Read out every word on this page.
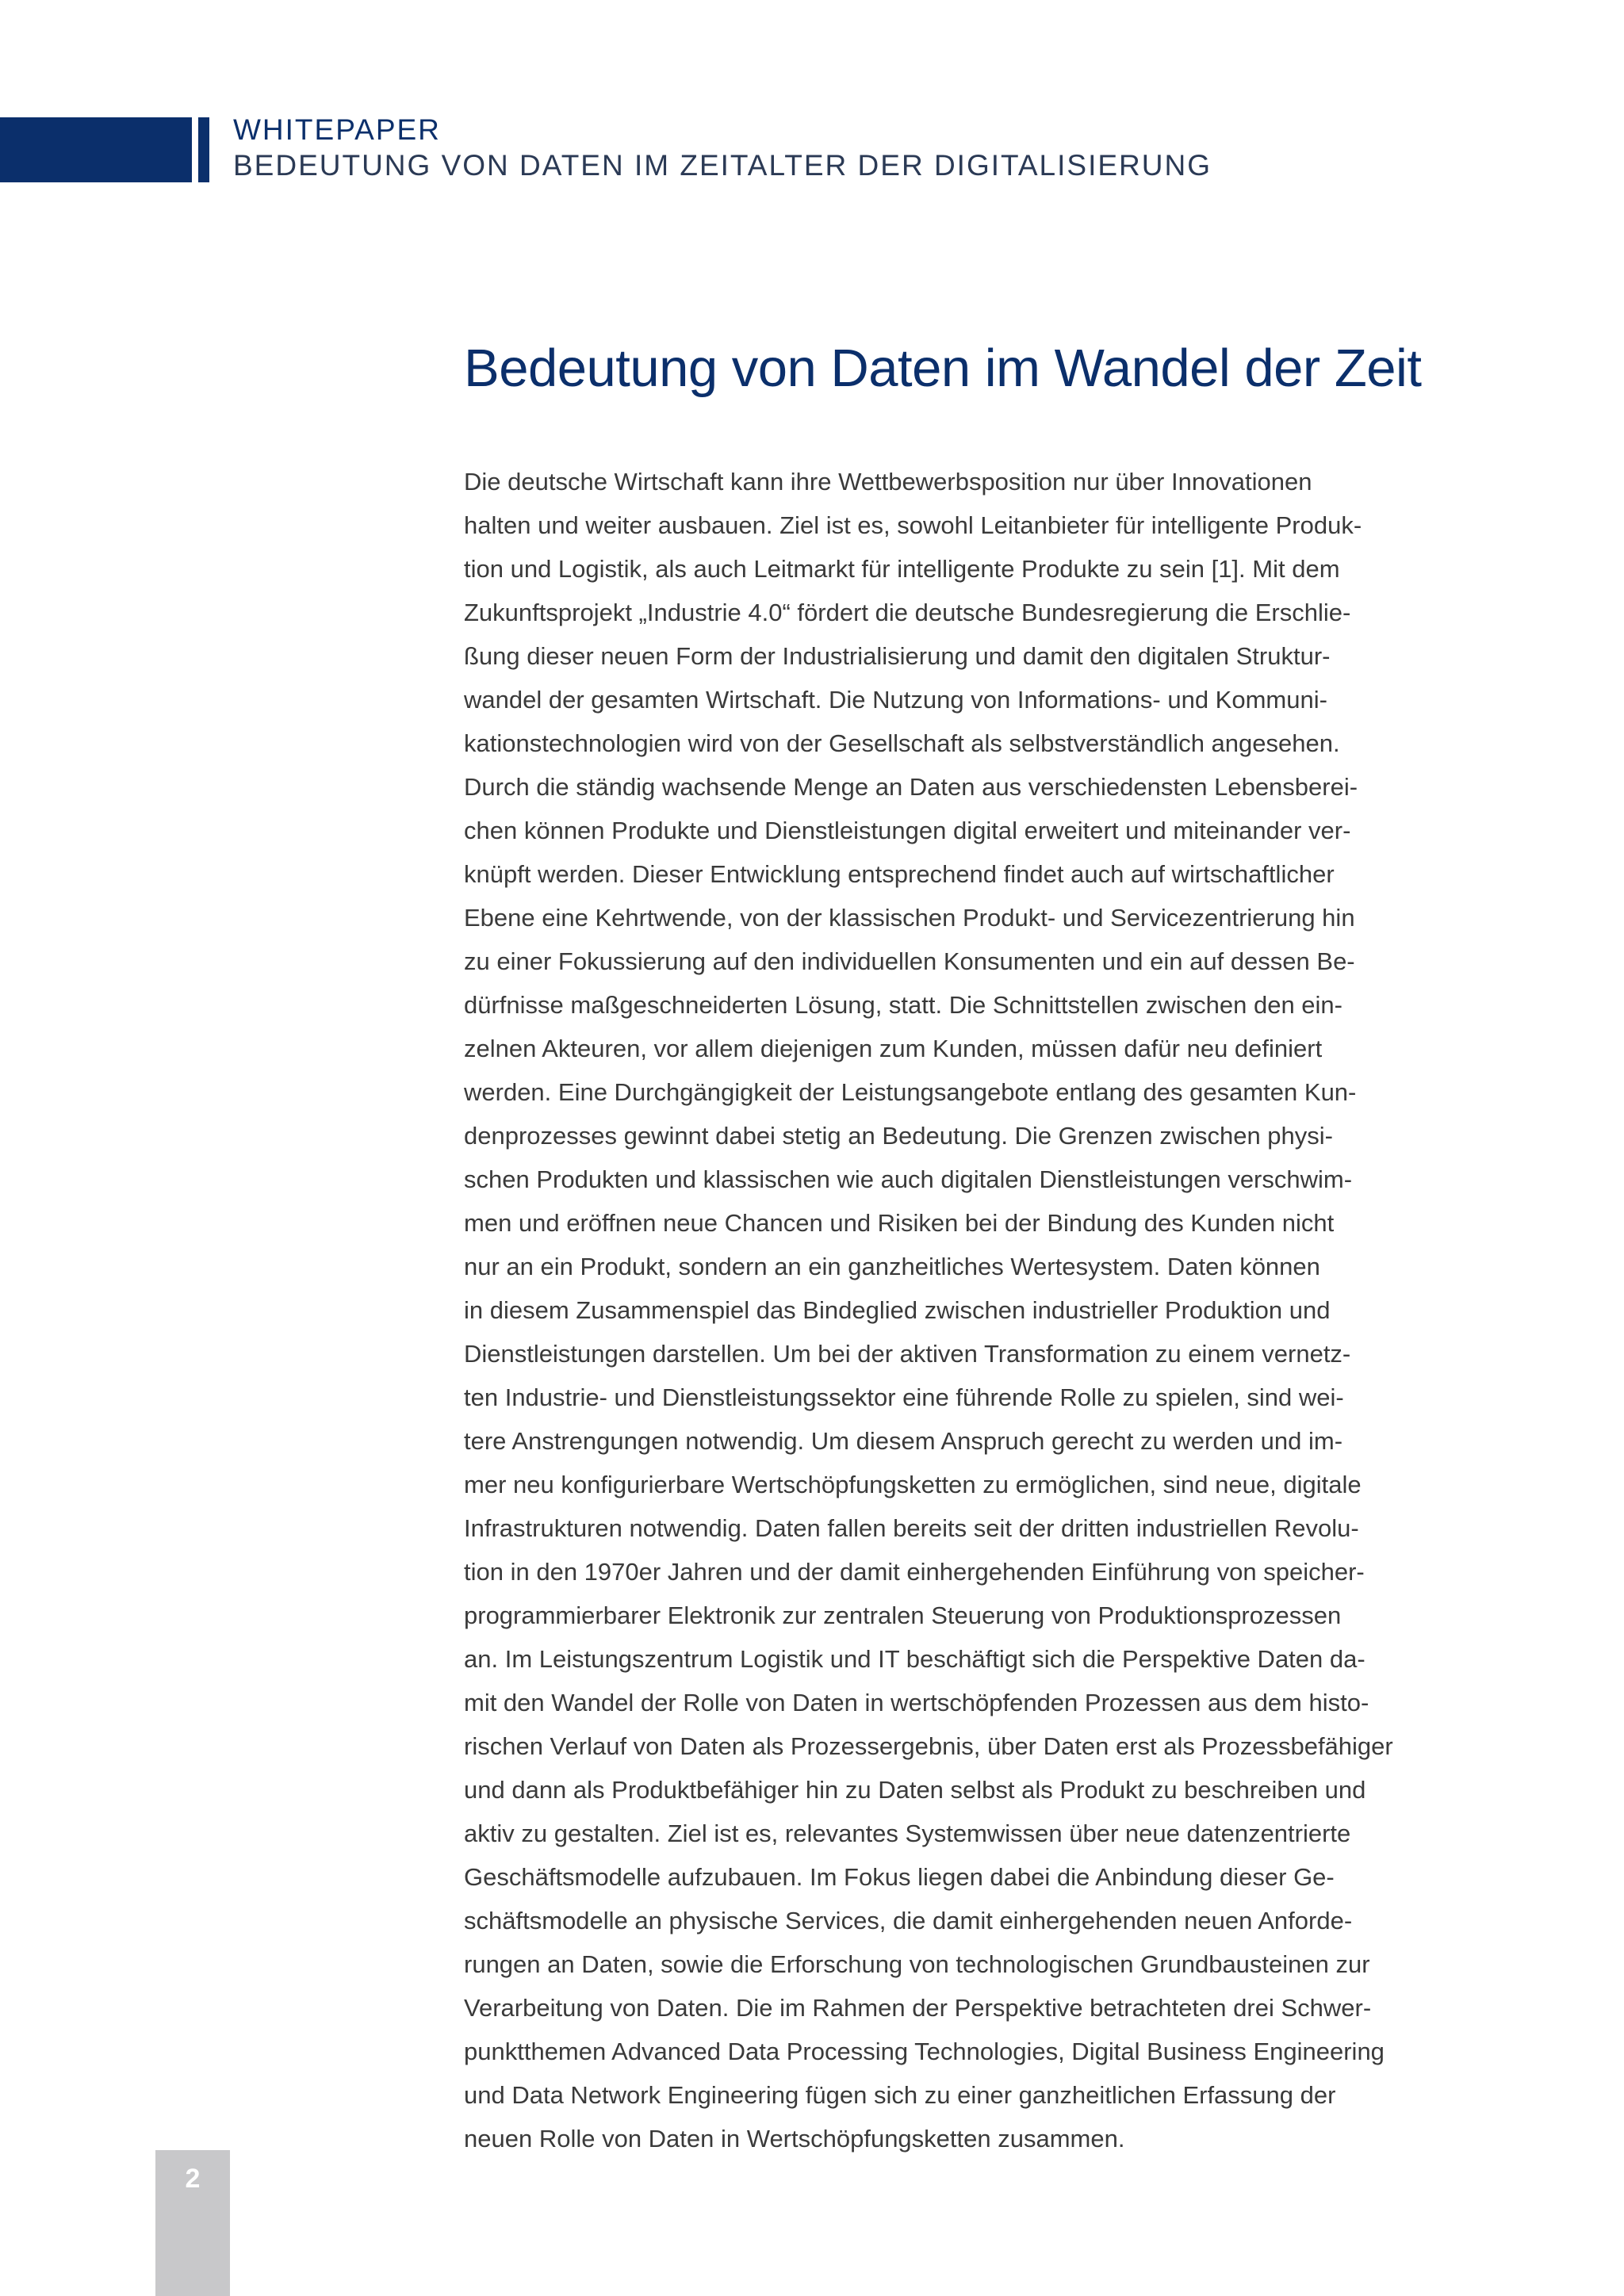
WHITEPAPER
BEDEUTUNG VON DATEN IM ZEITALTER DER DIGITALISIERUNG
Bedeutung von Daten im Wandel der Zeit
Die deutsche Wirtschaft kann ihre Wettbewerbsposition nur über Innovationen
halten und weiter ausbauen. Ziel ist es, sowohl Leitanbieter für intelligente Produk-
tion und Logistik, als auch Leitmarkt für intelligente Produkte zu sein [1]. Mit dem
Zukunftsprojekt „Industrie 4.0“ fördert die deutsche Bundesregierung die Erschlie-
ßung dieser neuen Form der Industrialisierung und damit den digitalen Struktur-
wandel der gesamten Wirtschaft. Die Nutzung von Informations- und Kommuni-
kationstechnologien wird von der Gesellschaft als selbstverständlich angesehen.
Durch die ständig wachsende Menge an Daten aus verschiedensten Lebensberei-
chen können Produkte und Dienstleistungen digital erweitert und miteinander ver-
knüpft werden. Dieser Entwicklung entsprechend findet auch auf wirtschaftlicher
Ebene eine Kehrtwende, von der klassischen Produkt- und Servicezentrierung hin
zu einer Fokussierung auf den individuellen Konsumenten und ein auf dessen Be-
dürfnisse maßgeschneiderten Lösung, statt. Die Schnittstellen zwischen den ein-
zelnen Akteuren, vor allem diejenigen zum Kunden, müssen dafür neu definiert
werden. Eine Durchgängigkeit der Leistungsangebote entlang des gesamten Kun-
denprozesses gewinnt dabei stetig an Bedeutung. Die Grenzen zwischen physi-
schen Produkten und klassischen wie auch digitalen Dienstleistungen verschwim-
men und eröffnen neue Chancen und Risiken bei der Bindung des Kunden nicht
nur an ein Produkt, sondern an ein ganzheitliches Wertesystem. Daten können
in diesem Zusammenspiel das Bindeglied zwischen industrieller Produktion und
Dienstleistungen darstellen. Um bei der aktiven Transformation zu einem vernetz-
ten Industrie- und Dienstleistungssektor eine führende Rolle zu spielen, sind wei-
tere Anstrengungen notwendig. Um diesem Anspruch gerecht zu werden und im-
mer neu konfigurierbare Wertschöpfungsketten zu ermöglichen, sind neue, digitale
Infrastrukturen notwendig. Daten fallen bereits seit der dritten industriellen Revolu-
tion in den 1970er Jahren und der damit einhergehenden Einführung von speicher-
programmierbarer Elektronik zur zentralen Steuerung von Produktionsprozessen
an. Im Leistungszentrum Logistik und IT beschäftigt sich die Perspektive Daten da-
mit den Wandel der Rolle von Daten in wertschöpfenden Prozessen aus dem histo-
rischen Verlauf von Daten als Prozessergebnis, über Daten erst als Prozessbefähiger
und dann als Produktbefähiger hin zu Daten selbst als Produkt zu beschreiben und
aktiv zu gestalten. Ziel ist es, relevantes Systemwissen über neue datenzentrierte
Geschäftsmodelle aufzubauen. Im Fokus liegen dabei die Anbindung dieser Ge-
schäftsmodelle an physische Services, die damit einhergehenden neuen Anforde-
rungen an Daten, sowie die Erforschung von technologischen Grundbausteinen zur
Verarbeitung von Daten. Die im Rahmen der Perspektive betrachteten drei Schwer-
punktthemen Advanced Data Processing Technologies, Digital Business Engineering
und Data Network Engineering fügen sich zu einer ganzheitlichen Erfassung der
neuen Rolle von Daten in Wertschöpfungsketten zusammen.
2
